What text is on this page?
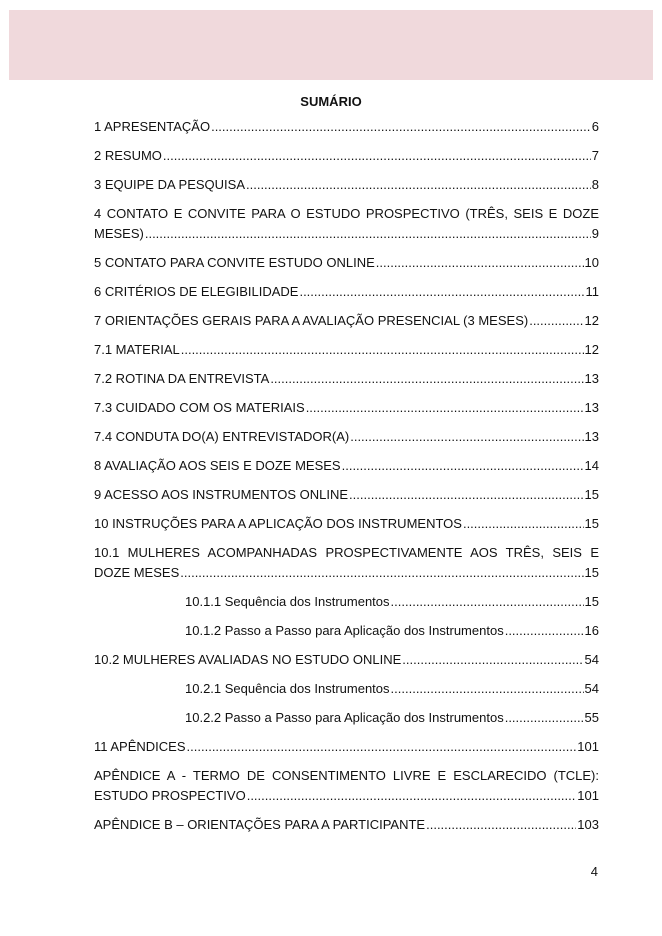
SUMÁRIO
1 APRESENTAÇÃO .....	6
2 RESUMO .....	7
3 EQUIPE DA PESQUISA .....	8
4 CONTATO E CONVITE PARA O ESTUDO PROSPECTIVO (TRÊS, SEIS E DOZE
MESES) .....	9
5 CONTATO PARA CONVITE ESTUDO ONLINE .....	10
6 CRITÉRIOS DE ELEGIBILIDADE .....	11
7 ORIENTAÇÕES GERAIS PARA A AVALIAÇÃO PRESENCIAL (3 MESES) .....	12
7.1 MATERIAL .....	12
7.2 ROTINA DA ENTREVISTA .....	13
7.3 CUIDADO COM OS MATERIAIS .....	13
7.4 CONDUTA DO(A) ENTREVISTADOR(A) .....	13
8 AVALIAÇÃO AOS SEIS E DOZE MESES .....	14
9 ACESSO AOS INSTRUMENTOS ONLINE .....	15
10 INSTRUÇÕES PARA A APLICAÇÃO DOS INSTRUMENTOS .....	15
10.1 MULHERES ACOMPANHADAS PROSPECTIVAMENTE AOS TRÊS, SEIS E
DOZE MESES .....	15
10.1.1 Sequência dos Instrumentos .....	15
10.1.2 Passo a Passo para Aplicação dos Instrumentos .....	16
10.2 MULHERES AVALIADAS NO ESTUDO ONLINE .....	54
10.2.1 Sequência dos Instrumentos .....	54
10.2.2 Passo a Passo para Aplicação dos Instrumentos .....	55
11 APÊNDICES .....	101
APÊNDICE A - TERMO DE CONSENTIMENTO LIVRE E ESCLARECIDO (TCLE):
ESTUDO PROSPECTIVO .....	101
APÊNDICE B – ORIENTAÇÕES PARA A PARTICIPANTE .....	103
4
